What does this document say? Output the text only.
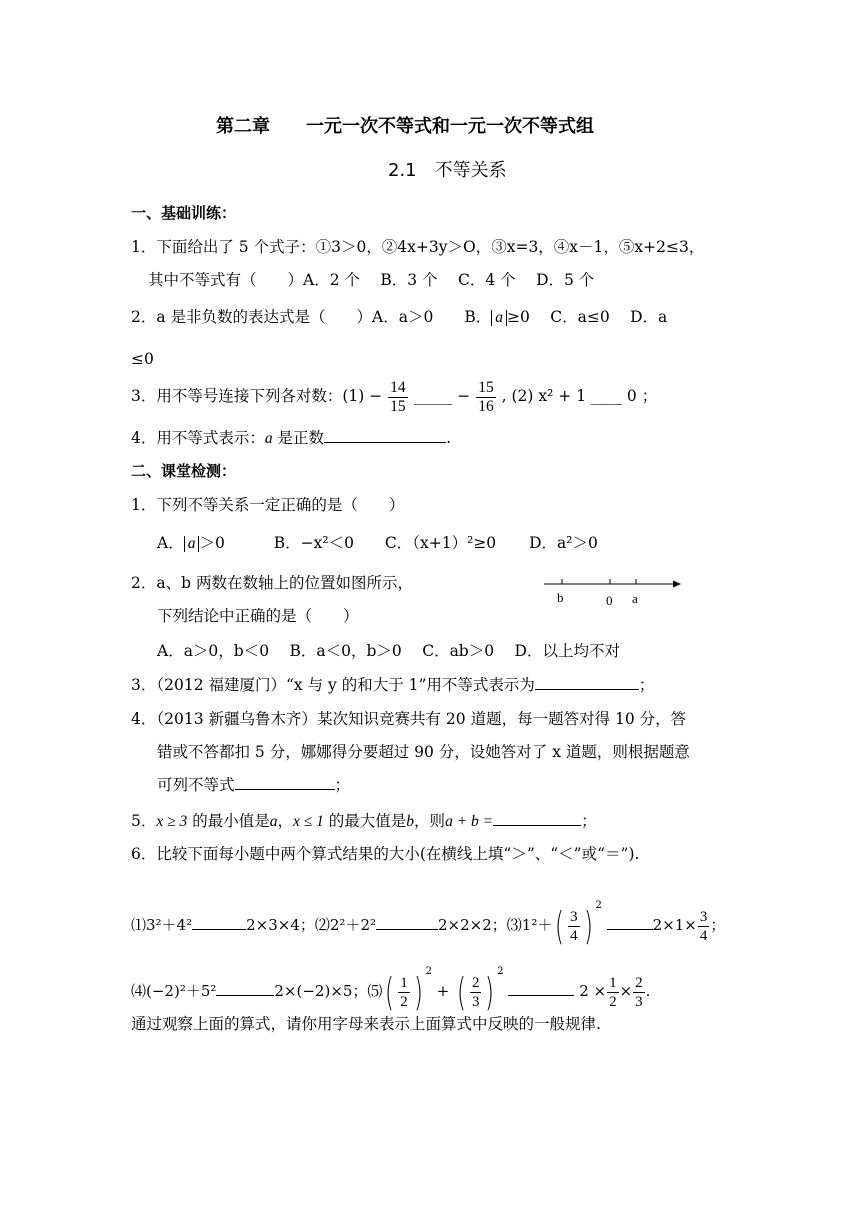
第二章　　一元一次不等式和一元一次不等式组
2.1　不等关系
一、基础训练：
1．下面给出了 5 个式子：①3＞0，②4x+3y＞O，③x=3，④x－1，⑤x+2≤3，
其中不等式有（　　）A．2 个　 B．3 个　 C．4 个　 D．5 个
2．a 是非负数的表达式是（　　）A．a＞0　　B． a ≥0　 C．a≤0　 D．a
≤0
3．用不等号连接下列各对数：$(1) - \frac{14}{15}$ _____ − $\frac{15}{16}$ , (2) x² + 1 ____ 0 ；
4．用不等式表示：a 是正数	.
二、课堂检测：
1．下列不等关系一定正确的是（　　）
A． a ＞0	B．−x²＜0 C．（x+1）²≥0 D．a²＞0
2．a、b 两数在数轴上的位置如图所示，
下列结论中正确的是（　　）
b	0 a
A．a＞0，b＜0　 B．a＜0，b＞0　 C．ab＞0　 D．以上均不对
3．（2012 福建厦门）“x 与 y 的和大于 1”用不等式表示为	；
4．（2013 新疆乌鲁木齐）某次知识竞赛共有 20 道题，每一题答对得 10 分，答
错或不答都扣 5 分，娜娜得分要超过 90 分，设她答对了 x 道题，则根据题意
可列不等式	；
5．x ≥ 3 的最小值是a，x ≤ 1 的最大值是b，则a + b =	；
6．比较下面每小题中两个算式结果的大小(在横线上填“＞”、“＜”或“＝”).
⑴3²＋4²	2×3×4；⑵2²＋2²	2×2×2；⑶1²＋( $\frac{3}{4}$ ) $^2$ $2\times 1\times \frac{3}{4}$ ；
⑷(−2)²＋5²	2×(−2)×5；⑸( $\frac{1}{2}$ ) $^2$ + ( $\frac{2}{3}$ ) $^2$  $2 \times \frac{1}{2} \times \frac{2}{3}$ .
通过观察上面的算式，请你用字母来表示上面算式中反映的一般规律.
